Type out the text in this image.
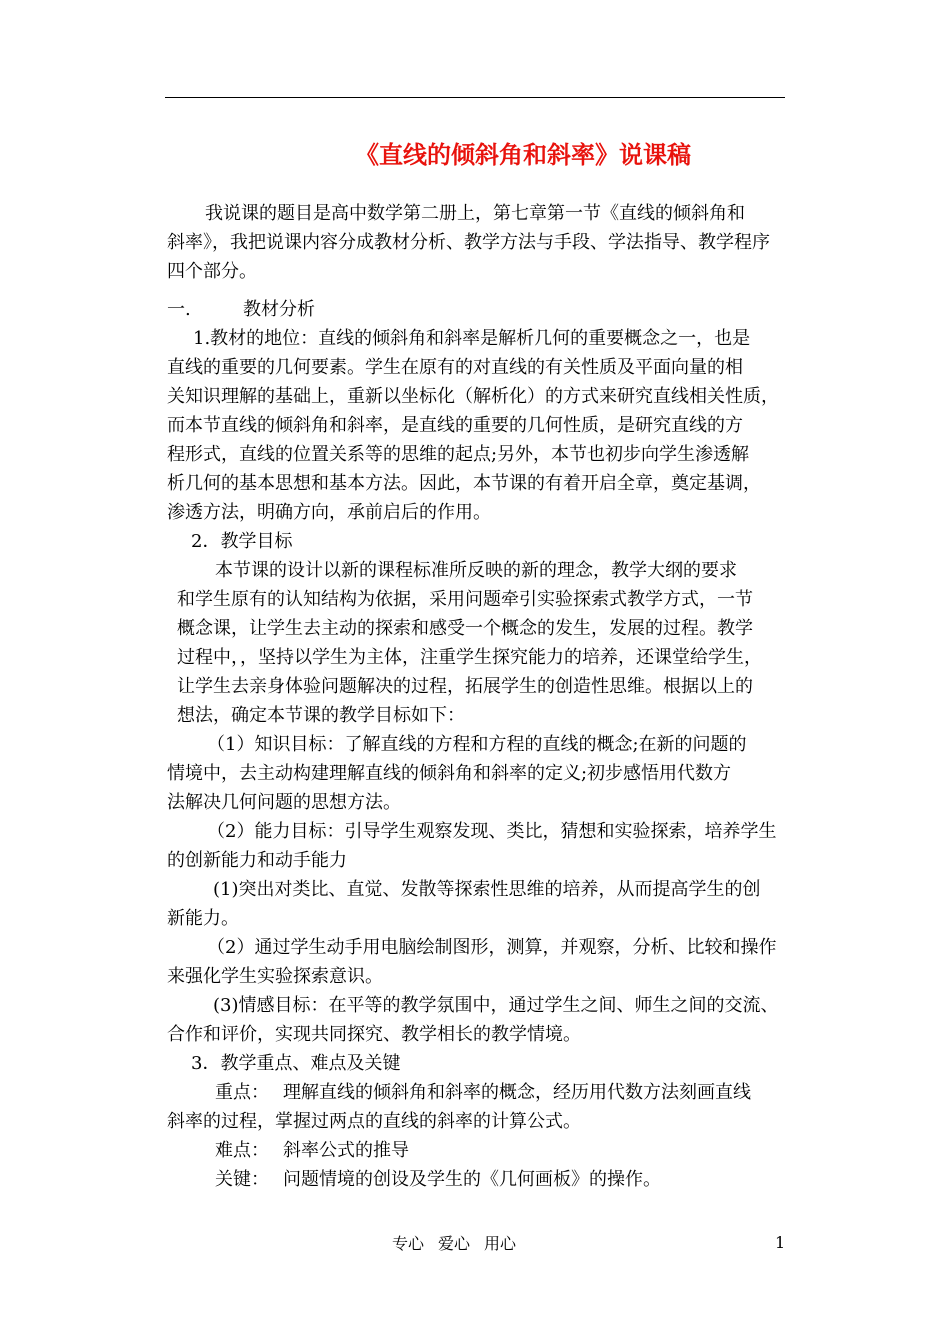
《直线的倾斜角和斜率》说课稿
我说课的题目是高中数学第二册上，第七章第一节《直线的倾斜角和
斜率》，我把说课内容分成教材分析、教学方法与手段、学法指导、教学程序
四个部分。
一.	教材分析
1.教材的地位：直线的倾斜角和斜率是解析几何的重要概念之一，也是
直线的重要的几何要素。学生在原有的对直线的有关性质及平面向量的相
关知识理解的基础上，重新以坐标化（解析化）的方式来研究直线相关性质，
而本节直线的倾斜角和斜率，是直线的重要的几何性质，是研究直线的方
程形式，直线的位置关系等的思维的起点;另外，本节也初步向学生渗透解
析几何的基本思想和基本方法。因此，本节课的有着开启全章，奠定基调，
渗透方法，明确方向，承前启后的作用。
2．教学目标
本节课的设计以新的课程标准所反映的新的理念，教学大纲的要求
和学生原有的认知结构为依据，采用问题牵引实验探索式教学方式，一节
概念课，让学生去主动的探索和感受一个概念的发生，发展的过程。教学
过程中，，坚持以学生为主体，注重学生探究能力的培养，还课堂给学生，
让学生去亲身体验问题解决的过程，拓展学生的创造性思维。根据以上的
想法，确定本节课的教学目标如下：
（1）知识目标：了解直线的方程和方程的直线的概念;在新的问题的
情境中，去主动构建理解直线的倾斜角和斜率的定义;初步感悟用代数方
法解决几何问题的思想方法。
（2）能力目标：引导学生观察发现、类比，猜想和实验探索，培养学生
的创新能力和动手能力
(1)突出对类比、直觉、发散等探索性思维的培养，从而提高学生的创
新能力。
（2）通过学生动手用电脑绘制图形，测算，并观察，分析、比较和操作
来强化学生实验探索意识。
(3)情感目标：在平等的教学氛围中，通过学生之间、师生之间的交流、
合作和评价，实现共同探究、教学相长的教学情境。
3．教学重点、难点及关键
重点： 理解直线的倾斜角和斜率的概念，经历用代数方法刻画直线
斜率的过程，掌握过两点的直线的斜率的计算公式。
难点： 斜率公式的推导
关键： 问题情境的创设及学生的《几何画板》的操作。
专心 爱心 用心	1
